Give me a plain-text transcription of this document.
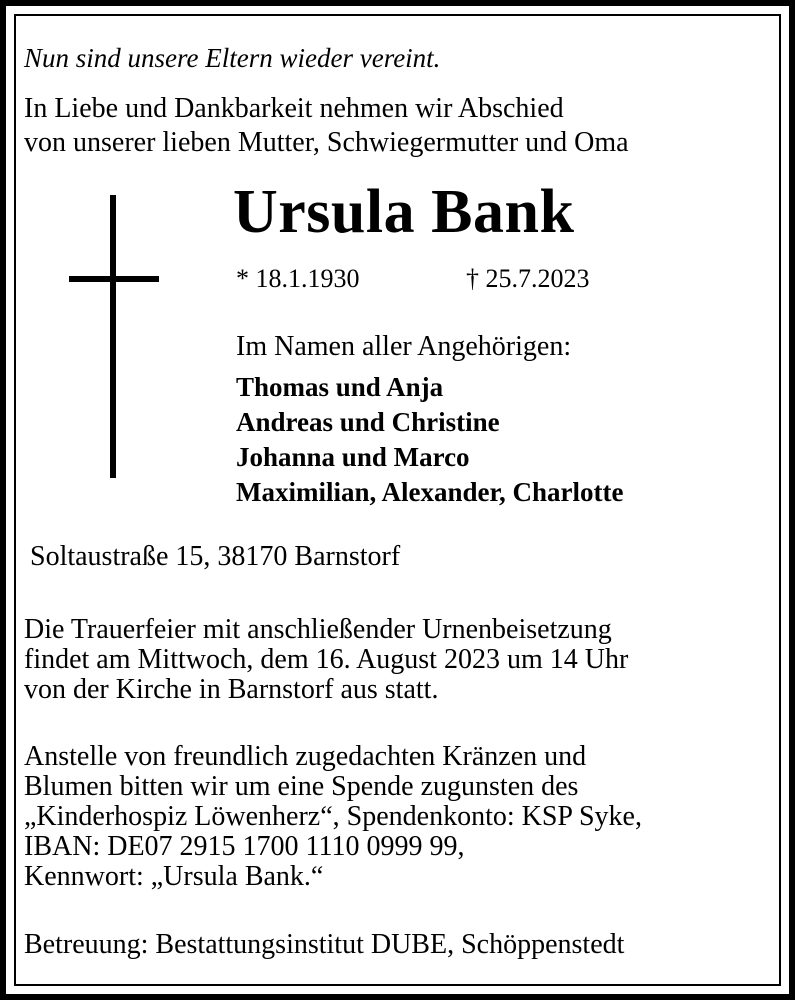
Nun sind unsere Eltern wieder vereint.

In Liebe und Dankbarkeit nehmen wir Abschied
von unserer lieben Mutter, Schwiegermutter und Oma

Ursula Bank

* 18.1.1930	† 25.7.2023

Im Namen aller Angehörigen:

Thomas und Anja
Andreas und Christine
Johanna und Marco
Maximilian, Alexander, Charlotte

Soltaustraße 15, 38170 Barnstorf

Die Trauerfeier mit anschließender Urnenbeisetzung
findet am Mittwoch, dem 16. August 2023 um 14 Uhr
von der Kirche in Barnstorf aus statt.

Anstelle von freundlich zugedachten Kränzen und
Blumen bitten wir um eine Spende zugunsten des
„Kinderhospiz Löwenherz“, Spendenkonto: KSP Syke,
IBAN: DE07 2915 1700 1110 0999 99,
Kennwort: „Ursula Bank.“

Betreuung: Bestattungsinstitut DUBE, Schöppenstedt
